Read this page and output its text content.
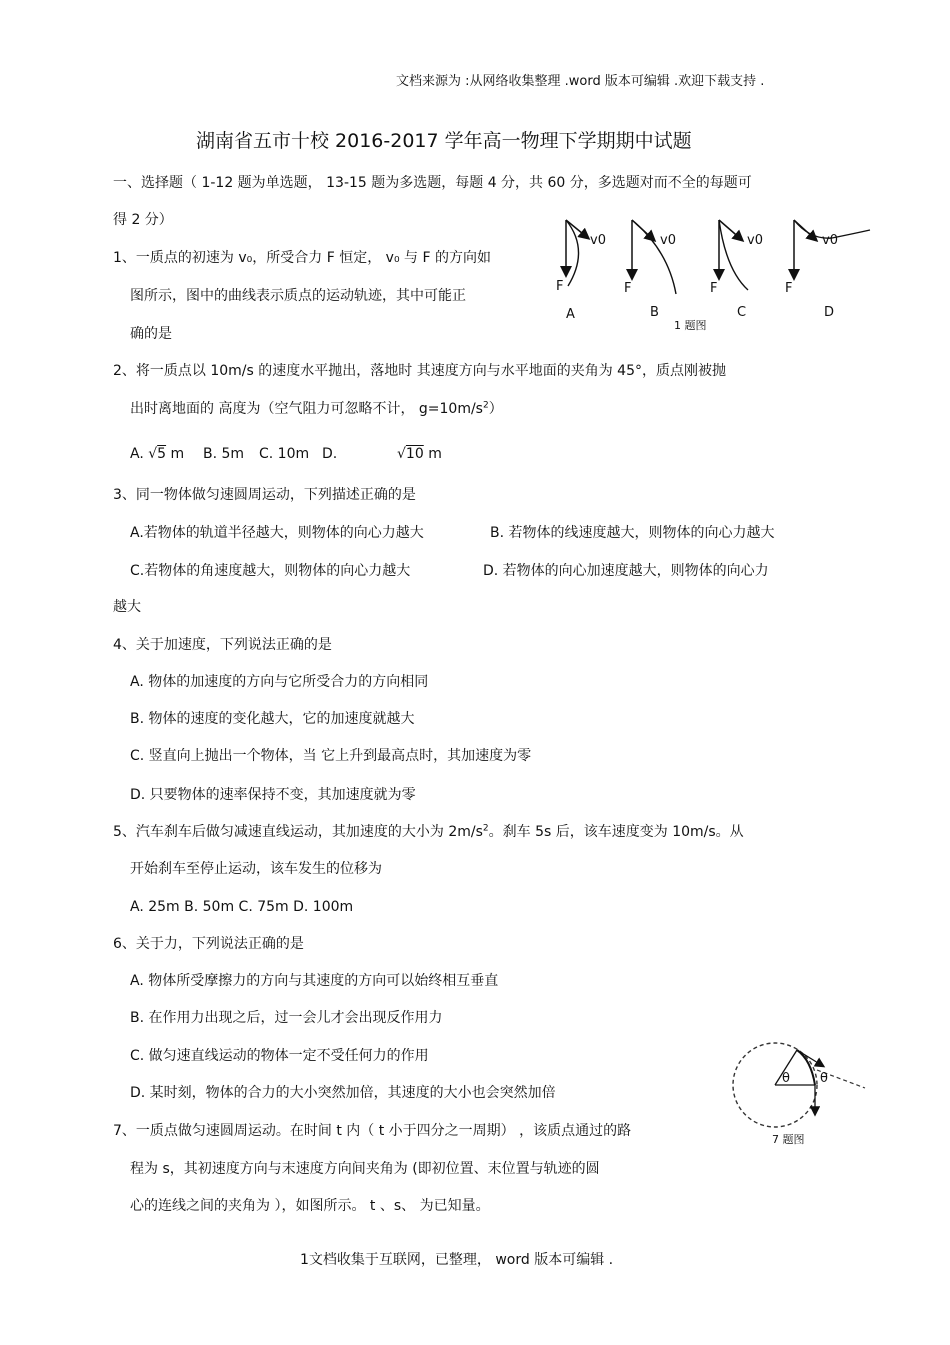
文档来源为 :从网络收集整理 .word 版本可编辑 .欢迎下载支持 .
湖南省五市十校 2016-2017 学年高一物理下学期期中试题
一、选择题（ 1-12 题为单选题， 13-15 题为多选题，每题 4 分，共 60 分，多选题对而不全的每题可
得 2 分）
1、一质点的初速为 v₀，所受合力 F 恒定， v₀ 与 F 的方向如
图所示，图中的曲线表示质点的运动轨迹，其中可能正
确的是
v0
F
A
v0
F
B
v0
F
C
v0
F
D
1 题图
2、将一质点以 10m/s 的速度水平抛出，落地时 其速度方向与水平地面的夹角为 45°，质点刚被抛
出时离地面的 高度为（空气阻力可忽略不计， $g=10m/s^2$）
A. √5 m B. 5m C. 10m D.	√10 m
3、同一物体做匀速圆周运动，下列描述正确的是
A.若物体的轨道半径越大，则物体的向心力越大	B. 若物体的线速度越大，则物体的向心力越大
C.若物体的角速度越大，则物体的向心力越大	D. 若物体的向心加速度越大，则物体的向心力
越大
4、关于加速度，下列说法正确的是
A. 物体的加速度的方向与它所受合力的方向相同
B. 物体的速度的变化越大，它的加速度就越大
C. 竖直向上抛出一个物体，当 它上升到最高点时，其加速度为零
D. 只要物体的速率保持不变，其加速度就为零
5、汽车刹车后做匀减速直线运动，其加速度的大小为 $2m/s^2$。刹车 5s 后，该车速度变为 10m/s。从
开始刹车至停止运动，该车发生的位移为
A. 25m B. 50m C. 75m D. 100m
6、关于力，下列说法正确的是
A. 物体所受摩擦力的方向与其速度的方向可以始终相互垂直
B. 在作用力出现之后，过一会儿才会出现反作用力
C. 做匀速直线运动的物体一定不受任何力的作用
D. 某时刻，物体的合力的大小突然加倍，其速度的大小也会突然加倍
θ θ
7 题图
7、一质点做匀速圆周运动。在时间 t 内（ t 小于四分之一周期） ，该质点通过的路
程为 s，其初速度方向与末速度方向间夹角为 (即初位置、末位置与轨迹的圆
心的连线之间的夹角为 ），如图所示。 t 、s、 为已知量。
1文档收集于互联网，已整理， word 版本可编辑 .
